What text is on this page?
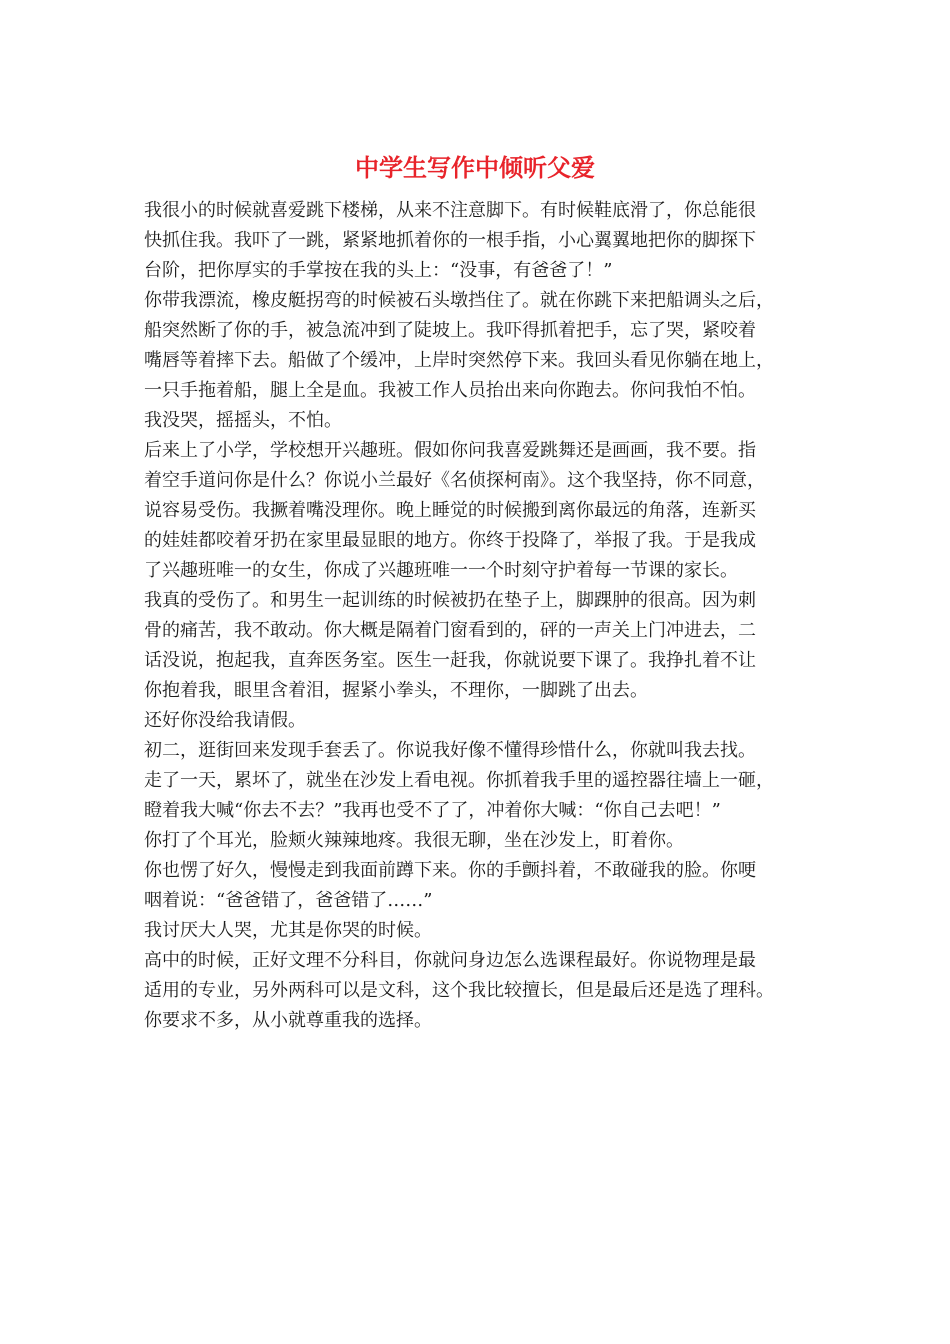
中学生写作中倾听父爱
我很小的时候就喜爱跳下楼梯，从来不注意脚下。有时候鞋底滑了，你总能很
快抓住我。我吓了一跳，紧紧地抓着你的一根手指，小心翼翼地把你的脚探下
台阶，把你厚实的手掌按在我的头上：“没事，有爸爸了！”
你带我漂流，橡皮艇拐弯的时候被石头墩挡住了。就在你跳下来把船调头之后，
船突然断了你的手，被急流冲到了陡坡上。我吓得抓着把手，忘了哭，紧咬着
嘴唇等着摔下去。船做了个缓冲，上岸时突然停下来。我回头看见你躺在地上，
一只手拖着船，腿上全是血。我被工作人员抬出来向你跑去。你问我怕不怕。
我没哭，摇摇头，不怕。
后来上了小学，学校想开兴趣班。假如你问我喜爱跳舞还是画画，我不要。指
着空手道问你是什么？你说小兰最好《名侦探柯南》。这个我坚持，你不同意，
说容易受伤。我撅着嘴没理你。晚上睡觉的时候搬到离你最远的角落，连新买
的娃娃都咬着牙扔在家里最显眼的地方。你终于投降了，举报了我。于是我成
了兴趣班唯一的女生，你成了兴趣班唯一一个时刻守护着每一节课的家长。
我真的受伤了。和男生一起训练的时候被扔在垫子上，脚踝肿的很高。因为刺
骨的痛苦，我不敢动。你大概是隔着门窗看到的，砰的一声关上门冲进去，二
话没说，抱起我，直奔医务室。医生一赶我，你就说要下课了。我挣扎着不让
你抱着我，眼里含着泪，握紧小拳头，不理你，一脚跳了出去。
还好你没给我请假。
初二，逛街回来发现手套丢了。你说我好像不懂得珍惜什么，你就叫我去找。
走了一天，累坏了，就坐在沙发上看电视。你抓着我手里的遥控器往墙上一砸，
瞪着我大喊“你去不去？”我再也受不了了，冲着你大喊：“你自己去吧！”
你打了个耳光，脸颊火辣辣地疼。我很无聊，坐在沙发上，盯着你。
你也愣了好久，慢慢走到我面前蹲下来。你的手颤抖着，不敢碰我的脸。你哽
咽着说：“爸爸错了，爸爸错了……”
我讨厌大人哭，尤其是你哭的时候。
高中的时候，正好文理不分科目，你就问身边怎么选课程最好。你说物理是最
适用的专业，另外两科可以是文科，这个我比较擅长，但是最后还是选了理科。
你要求不多，从小就尊重我的选择。
